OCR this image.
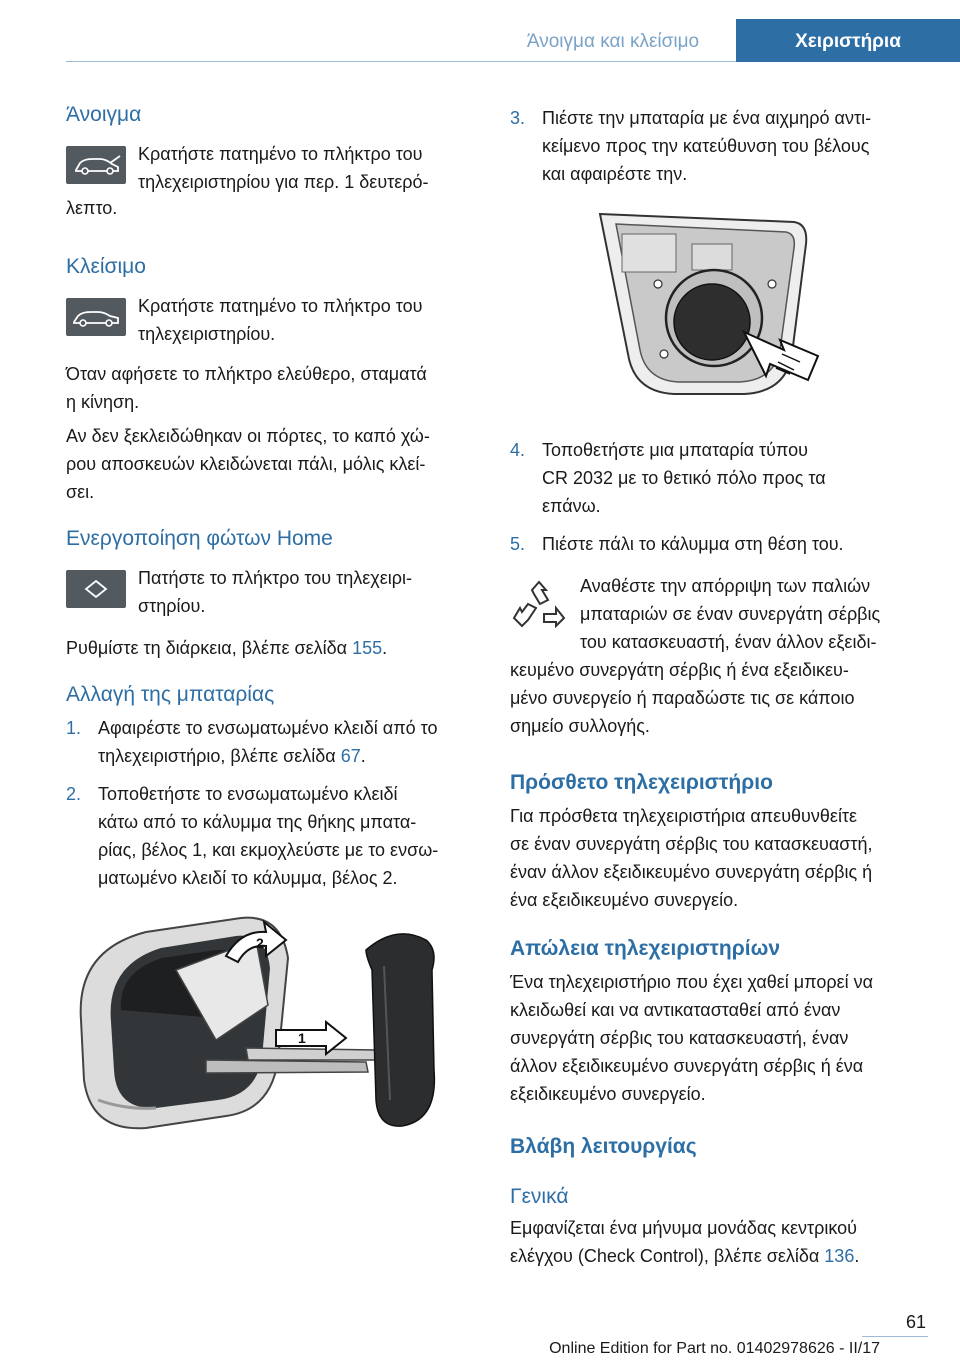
Άνοιγμα και κλείσιμο	Χειριστήρια
Άνοιγμα
Κρατήστε πατημένο το πλήκτρο του
τηλεχειριστηρίου για περ. 1 δευτερό-
λεπτο.
Κλείσιμο
Κρατήστε πατημένο το πλήκτρο του
τηλεχειριστηρίου.
Όταν αφήσετε το πλήκτρο ελεύθερο, σταματά
η κίνηση.
Αν δεν ξεκλειδώθηκαν οι πόρτες, το καπό χώ-
ρου αποσκευών κλειδώνεται πάλι, μόλις κλεί-
σει.
Ενεργοποίηση φώτων Home
Πατήστε το πλήκτρο του τηλεχειρι-
στηρίου.
Ρυθμίστε τη διάρκεια, βλέπε σελίδα 155.
Αλλαγή της μπαταρίας
1. Αφαιρέστε το ενσωματωμένο κλειδί από το
τηλεχειριστήριο, βλέπε σελίδα 67.
2. Τοποθετήστε το ενσωματωμένο κλειδί
κάτω από το κάλυμμα της θήκης μπατα-
ρίας, βέλος 1, και εκμοχλεύστε με το ενσω-
ματωμένο κλειδί το κάλυμμα, βέλος 2.
1
2
3. Πιέστε την μπαταρία με ένα αιχμηρό αντι-
κείμενο προς την κατεύθυνση του βέλους
και αφαιρέστε την.
4. Τοποθετήστε μια μπαταρία τύπου
CR 2032 με το θετικό πόλο προς τα
επάνω.
5. Πιέστε πάλι το κάλυμμα στη θέση του.
Αναθέστε την απόρριψη των παλιών
μπαταριών σε έναν συνεργάτη σέρβις
του κατασκευαστή, έναν άλλον εξειδι-
κευμένο συνεργάτη σέρβις ή ένα εξειδικευ-
μένο συνεργείο ή παραδώστε τις σε κάποιο
σημείο συλλογής.
Πρόσθετο τηλεχειριστήριο
Για πρόσθετα τηλεχειριστήρια απευθυνθείτε
σε έναν συνεργάτη σέρβις του κατασκευαστή,
έναν άλλον εξειδικευμένο συνεργάτη σέρβις ή
ένα εξειδικευμένο συνεργείο.
Απώλεια τηλεχειριστηρίων
Ένα τηλεχειριστήριο που έχει χαθεί μπορεί να
κλειδωθεί και να αντικατασταθεί από έναν
συνεργάτη σέρβις του κατασκευαστή, έναν
άλλον εξειδικευμένο συνεργάτη σέρβις ή ένα
εξειδικευμένο συνεργείο.
Βλάβη λειτουργίας
Γενικά
Εμφανίζεται ένα μήνυμα μονάδας κεντρικού
ελέγχου (Check Control), βλέπε σελίδα 136.
61
Online Edition for Part no. 01402978626 - II/17
